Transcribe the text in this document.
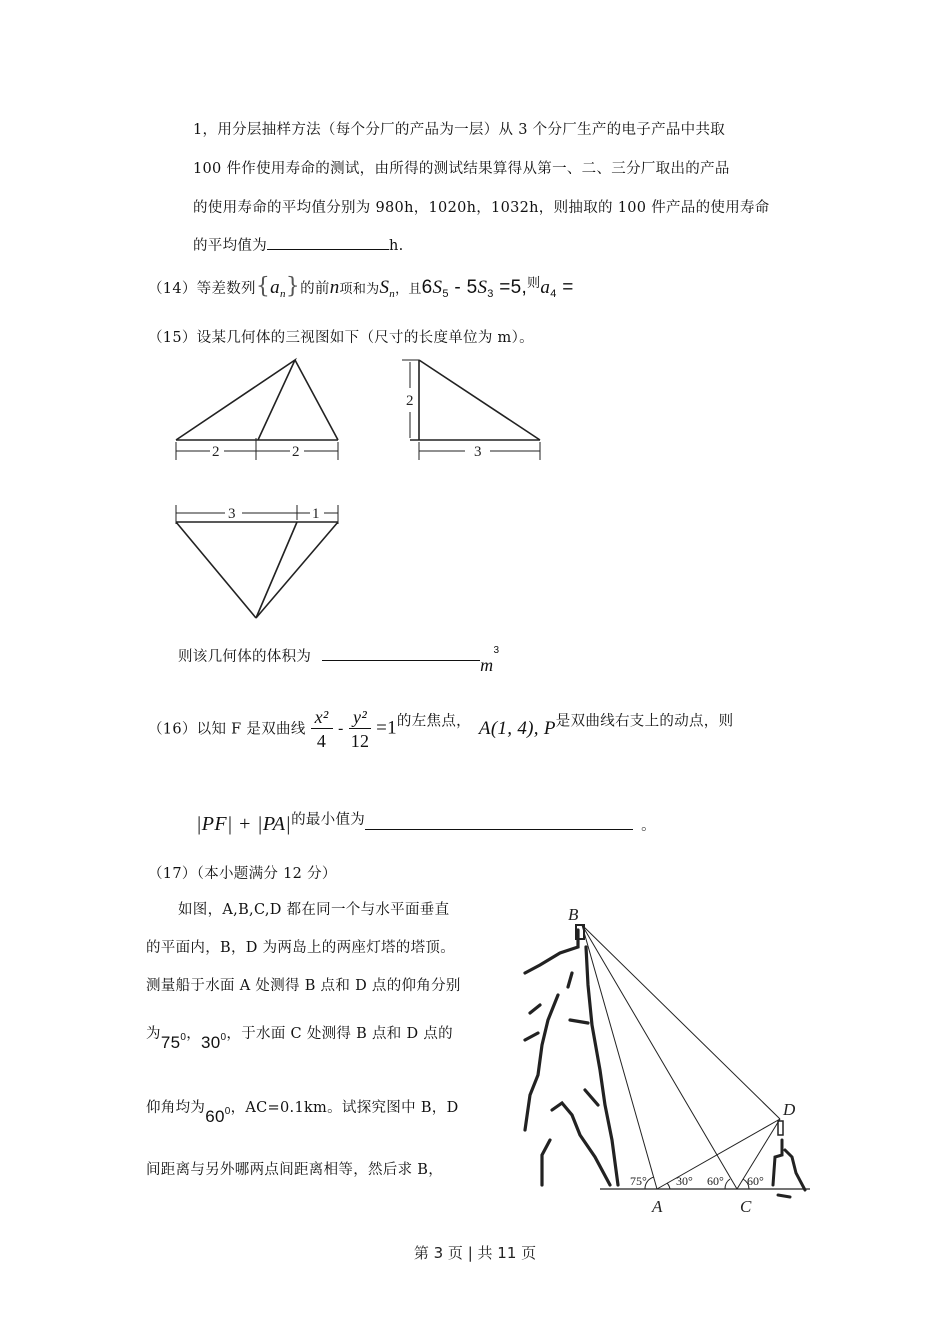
1，用分层抽样方法（每个分厂的产品为一层）从 3 个分厂生产的电子产品中共取
100 件作使用寿命的测试，由所得的测试结果算得从第一、二、三分厂取出的产品
的使用寿命的平均值分别为 980h，1020h，1032h，则抽取的 100 件产品的使用寿命
的平均值为	h.
（14）等差数列$\{a_n\}$的前n项和为$S_n$，且$6S_5 - 5S_3 =5$,则$a_4$ =
（15）设某几何体的三视图如下（尺寸的长度单位为 m）。
2	2
2
3
3	1
则该几何体的体积为	$m^3$
（16）以知 F 是双曲线 $\frac{\text{x²}}{4} - \frac{\text{y²}}{12} =1$的左焦点， A(1, 4), P是双曲线右支上的动点，则
|PF| + |PA|的最小值为	。
（17）（本小题满分 12 分）
如图，A,B,C,D 都在同一个与水平面垂直
的平面内，B，D 为两岛上的两座灯塔的塔顶。
测量船于水面 A 处测得 B 点和 D 点的仰角分别
为$75_0$，$30_0$，于水面 C 处测得 B 点和 D 点的
仰角均为$60_0$，AC=0.1km。试探究图中 B，D
间距离与另外哪两点间距离相等，然后求 B，
B
D
A	C
75° 30° 60° 60°
第 3 页 | 共 11 页
